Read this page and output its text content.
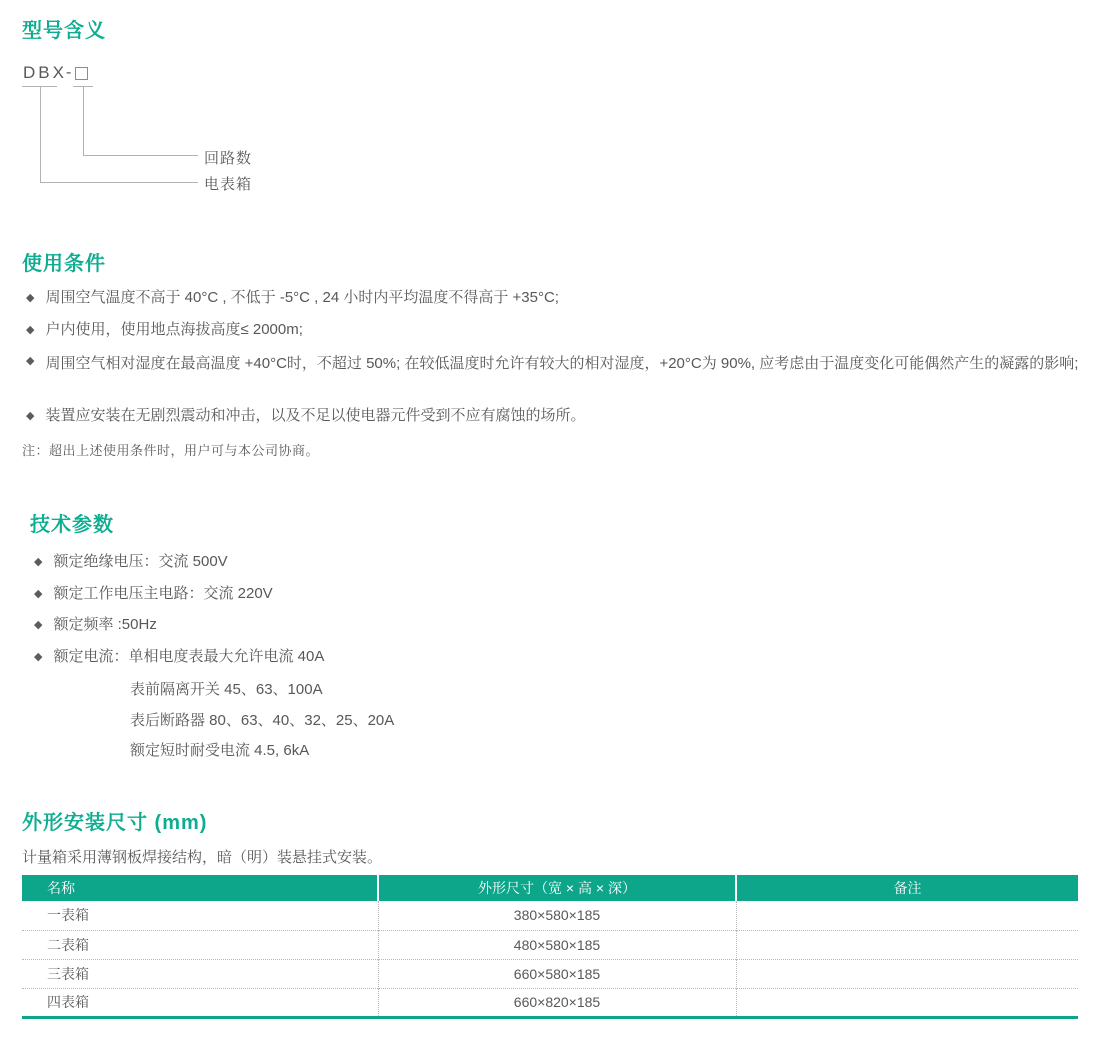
型号含义
DBX -
回路数
电表箱
使用条件
◆ 周围空气温度不高于 40°C , 不低于 -5°C , 24 小时内平均温度不得高于 +35°C;
◆ 户内使用，使用地点海拔高度≤ 2000m;
◆ 周围空气相对湿度在最高温度 +40°C时，不超过 50%; 在较低温度时允许有较大的相对湿度，+20°C为 90%, 应考虑由于温度变化可能偶然产生的凝露的影响;
◆ 装置应安装在无剧烈震动和冲击，以及不足以使电器元件受到不应有腐蚀的场所。
注：超出上述使用条件时，用户可与本公司协商。
技术参数
◆ 额定绝缘电压：交流 500V
◆ 额定工作电压主电路：交流 220V
◆ 额定频率 :50Hz
◆ 额定电流：单相电度表最大允许电流 40A
表前隔离开关 45、63、100A
表后断路器 80、63、40、32、25、20A
额定短时耐受电流 4.5, 6kA
外形安装尺寸 (mm)
计量箱采用薄钢板焊接结构，暗（明）装悬挂式安装。
名称	外形尺寸（宽 × 高 × 深）	备注
一表箱	380×580×185	
二表箱	480×580×185	
三表箱	660×580×185	
四表箱	660×820×185	
